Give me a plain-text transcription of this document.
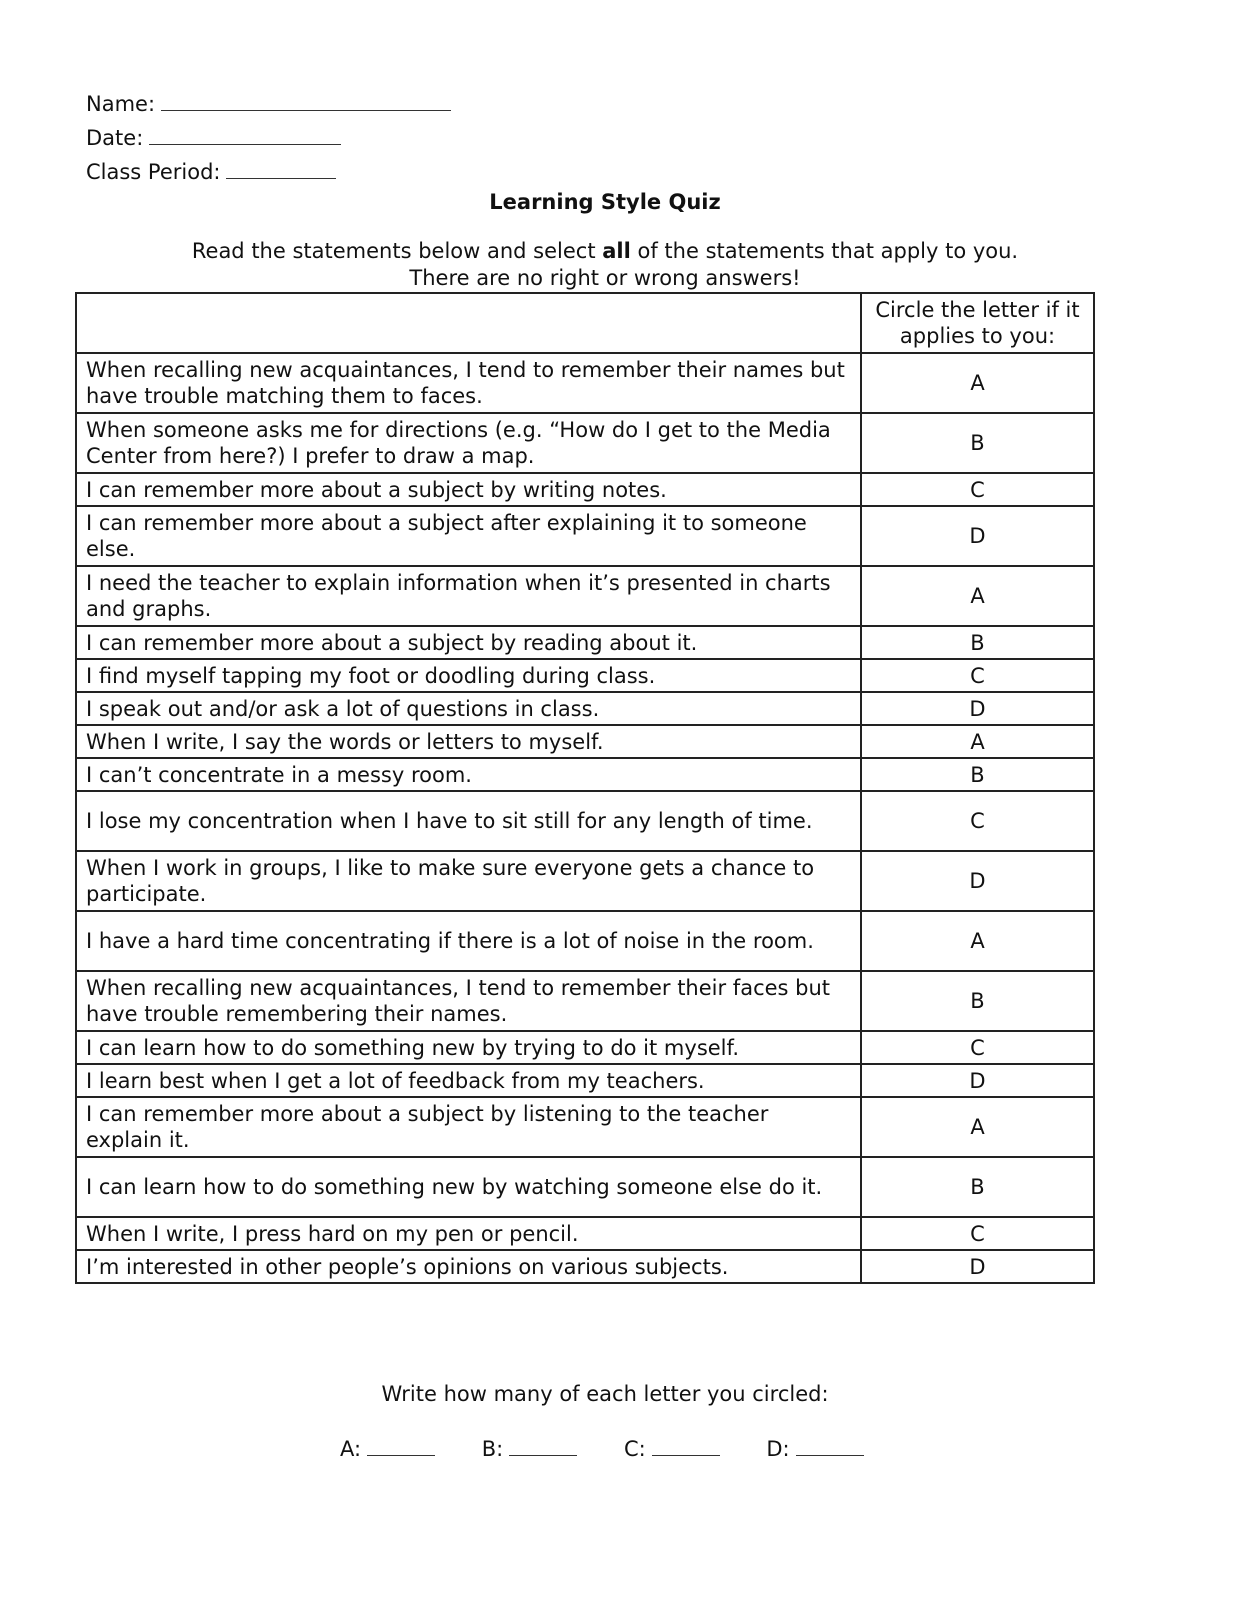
Name:
Date:
Class Period:
Learning Style Quiz
Read the statements below and select all of the statements that apply to you.
There are no right or wrong answers!
	Circle the letter if it applies to you:
When recalling new acquaintances, I tend to remember their names but have trouble matching them to faces.	A
When someone asks me for directions (e.g. “How do I get to the Media Center from here?) I prefer to draw a map.	B
I can remember more about a subject by writing notes.	C
I can remember more about a subject after explaining it to someone else.	D
I need the teacher to explain information when it’s presented in charts and graphs.	A
I can remember more about a subject by reading about it.	B
I find myself tapping my foot or doodling during class.	C
I speak out and/or ask a lot of questions in class.	D
When I write, I say the words or letters to myself.	A
I can’t concentrate in a messy room.	B
I lose my concentration when I have to sit still for any length of time.	C
When I work in groups, I like to make sure everyone gets a chance to participate.	D
I have a hard time concentrating if there is a lot of noise in the room.	A
When recalling new acquaintances, I tend to remember their faces but have trouble remembering their names.	B
I can learn how to do something new by trying to do it myself.	C
I learn best when I get a lot of feedback from my teachers.	D
I can remember more about a subject by listening to the teacher explain it.	A
I can learn how to do something new by watching someone else do it.	B
When I write, I press hard on my pen or pencil.	C
I’m interested in other people’s opinions on various subjects.	D
Write how many of each letter you circled:
A:	B:	C:	D:
